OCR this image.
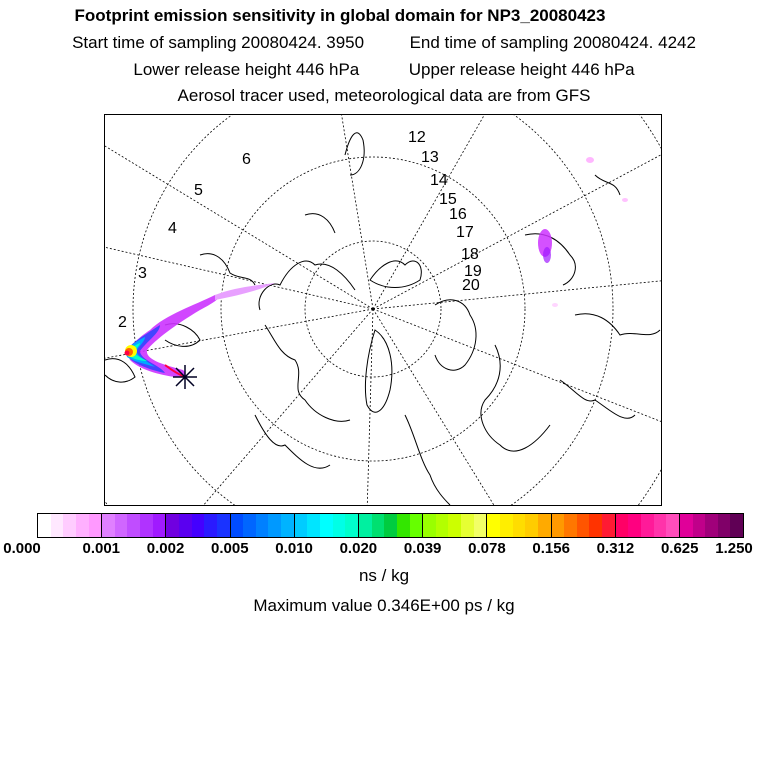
Footprint emission sensitivity in global domain for NP3_20080423
Start time of sampling 20080424. 3950	End time of sampling 20080424. 4242
Lower release height 446 hPa	Upper release height 446 hPa
Aerosol tracer used, meteorological data are from GFS
2
3
4
5
6
12
13
14
15
16
17
18
19
20
0.000	0.001 0.002 0.005 0.010 0.020 0.039 0.078 0.156 0.312 0.625 1.250
ns / kg
Maximum value 0.346E+00 ps / kg
